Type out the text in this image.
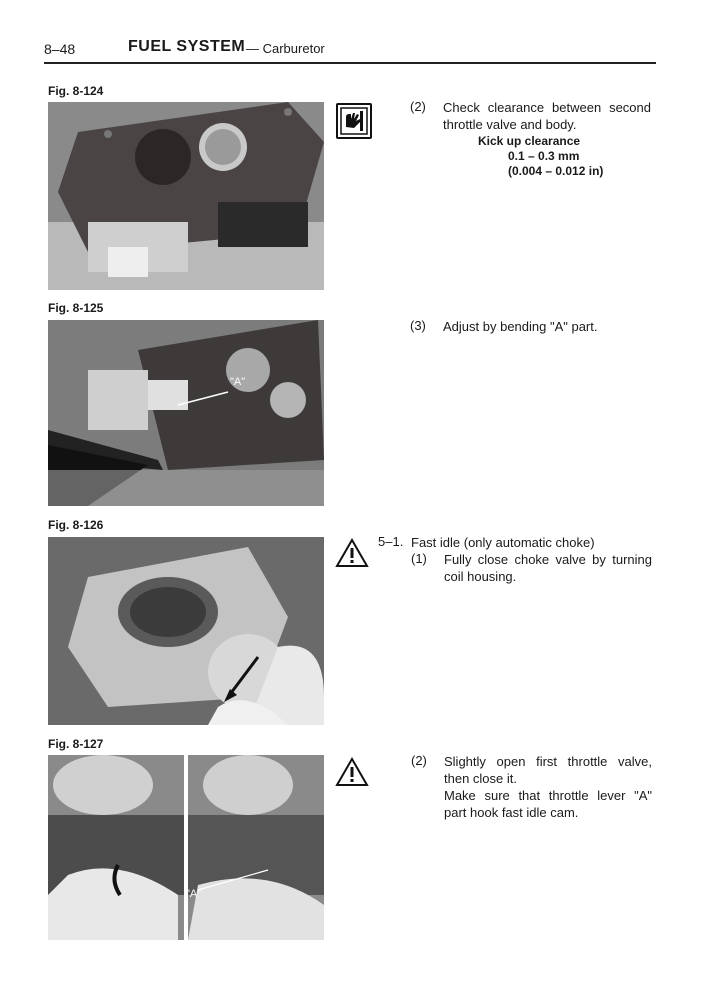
8–48	FUEL SYSTEM — Carburetor
Fig. 8-124
(2) Check clearance between second
throttle valve and body.
Kick up clearance
0.1 – 0.3 mm
(0.004 – 0.012 in)
Fig. 8-125
"A"
(3) Adjust by bending "A" part.
Fig. 8-126
5–1. Fast idle (only automatic choke)
(1) Fully close choke valve by turning
coil housing.
Fig. 8-127
"A"
(2) Slightly open first throttle valve,
then close it.
Make sure that throttle lever "A"
part hook fast idle cam.
